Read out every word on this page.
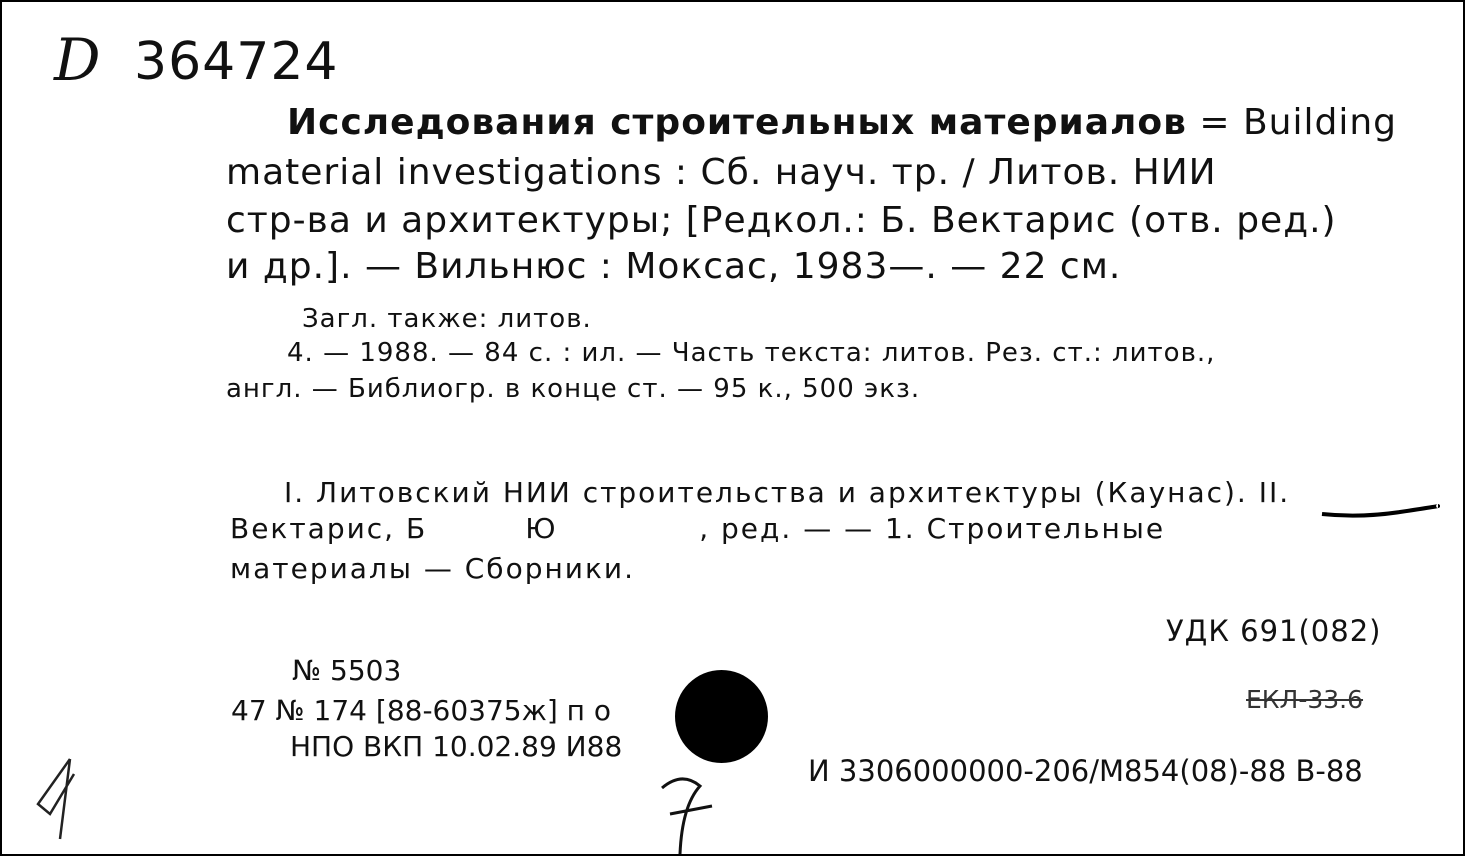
D 364724
Исследования строительных материалов = Building
material investigations : Сб. науч. тр. / Литов. НИИ
стр-ва и архитектуры; [Редкол.: Б. Вектарис (отв. ред.)
и др.]. — Вильнюс : Моксас, 1983—. — 22 см.
Загл. также: литов.
4. — 1988. — 84 с. : ил. — Часть текста: литов. Рез. ст.: литов.,
англ. — Библиогр. в конце ст. — 95 к., 500 экз.
I. Литовский НИИ строительства и архитектуры (Каунас). II.
Вектарис, Б         Ю             , ред. — — 1. Строительные
материалы — Сборники.
УДК 691(082)
ЕКЛ-33.6
И 3306000000-206/М854(08)-88 В-88
№ 5503
47 № 174 [88-60375ж] п о
НПО ВКП 10.02.89 И88
